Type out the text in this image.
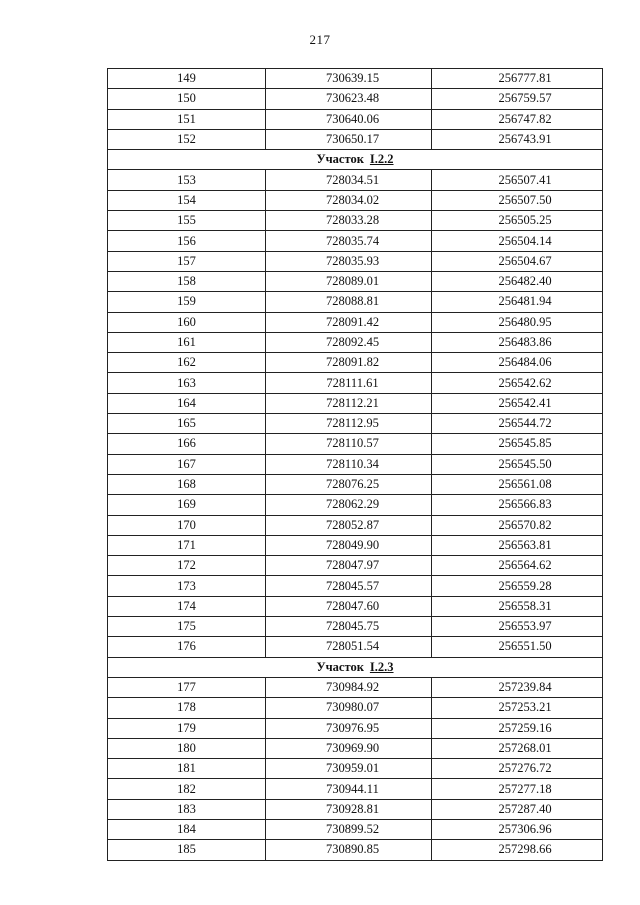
217
149	730639.15	256777.81
150	730623.48	256759.57
151	730640.06	256747.82
152	730650.17	256743.91
Участок I.2.2		
153	728034.51	256507.41
154	728034.02	256507.50
155	728033.28	256505.25
156	728035.74	256504.14
157	728035.93	256504.67
158	728089.01	256482.40
159	728088.81	256481.94
160	728091.42	256480.95
161	728092.45	256483.86
162	728091.82	256484.06
163	728111.61	256542.62
164	728112.21	256542.41
165	728112.95	256544.72
166	728110.57	256545.85
167	728110.34	256545.50
168	728076.25	256561.08
169	728062.29	256566.83
170	728052.87	256570.82
171	728049.90	256563.81
172	728047.97	256564.62
173	728045.57	256559.28
174	728047.60	256558.31
175	728045.75	256553.97
176	728051.54	256551.50
Участок I.2.3		
177	730984.92	257239.84
178	730980.07	257253.21
179	730976.95	257259.16
180	730969.90	257268.01
181	730959.01	257276.72
182	730944.11	257277.18
183	730928.81	257287.40
184	730899.52	257306.96
185	730890.85	257298.66
